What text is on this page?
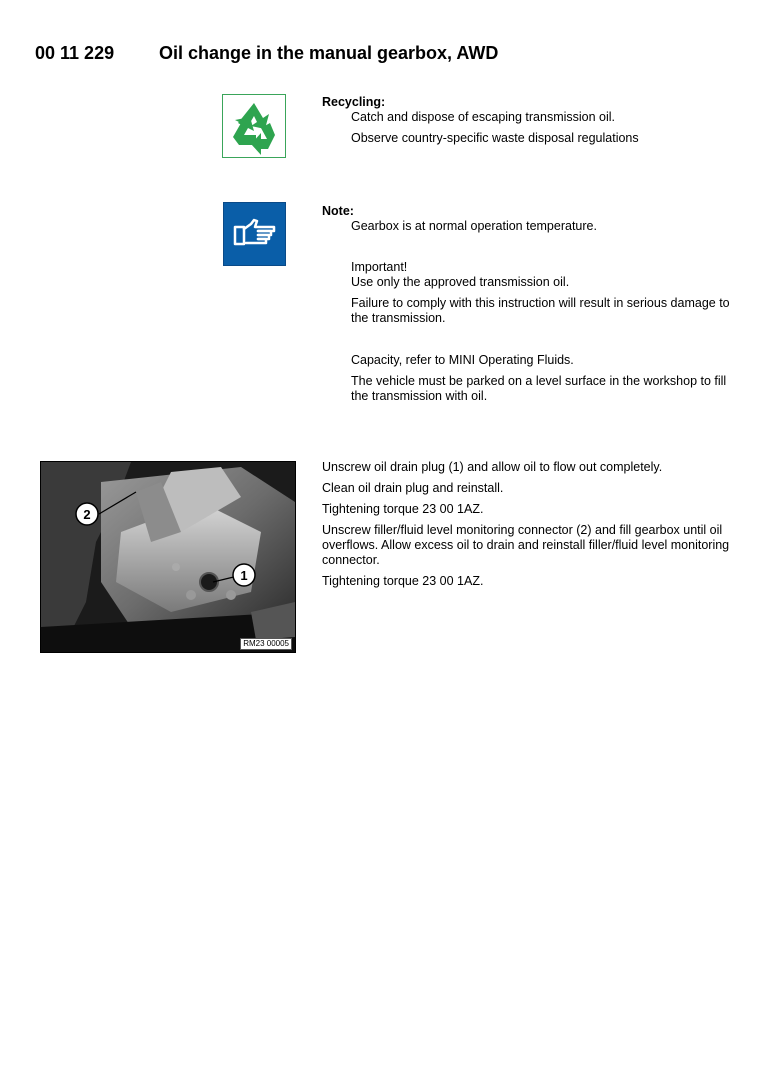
00 11 229 Oil change in the manual gearbox, AWD
Recycling:
Catch and dispose of escaping transmission oil.
Observe country-specific waste disposal regulations
Note:
Gearbox is at normal operation temperature.
Important!
Use only the approved transmission oil.
Failure to comply with this instruction will result in serious damage to the transmission.
Capacity, refer to MINI Operating Fluids.
The vehicle must be parked on a level surface in the workshop to fill the transmission with oil.
2
1
RM23 00005
Unscrew oil drain plug (1) and allow oil to flow out completely.
Clean oil drain plug and reinstall.
Tightening torque 23 00 1AZ.
Unscrew filler/fluid level monitoring connector (2) and fill gearbox until oil overflows. Allow excess oil to drain and reinstall filler/fluid level monitoring connector.
Tightening torque 23 00 1AZ.
